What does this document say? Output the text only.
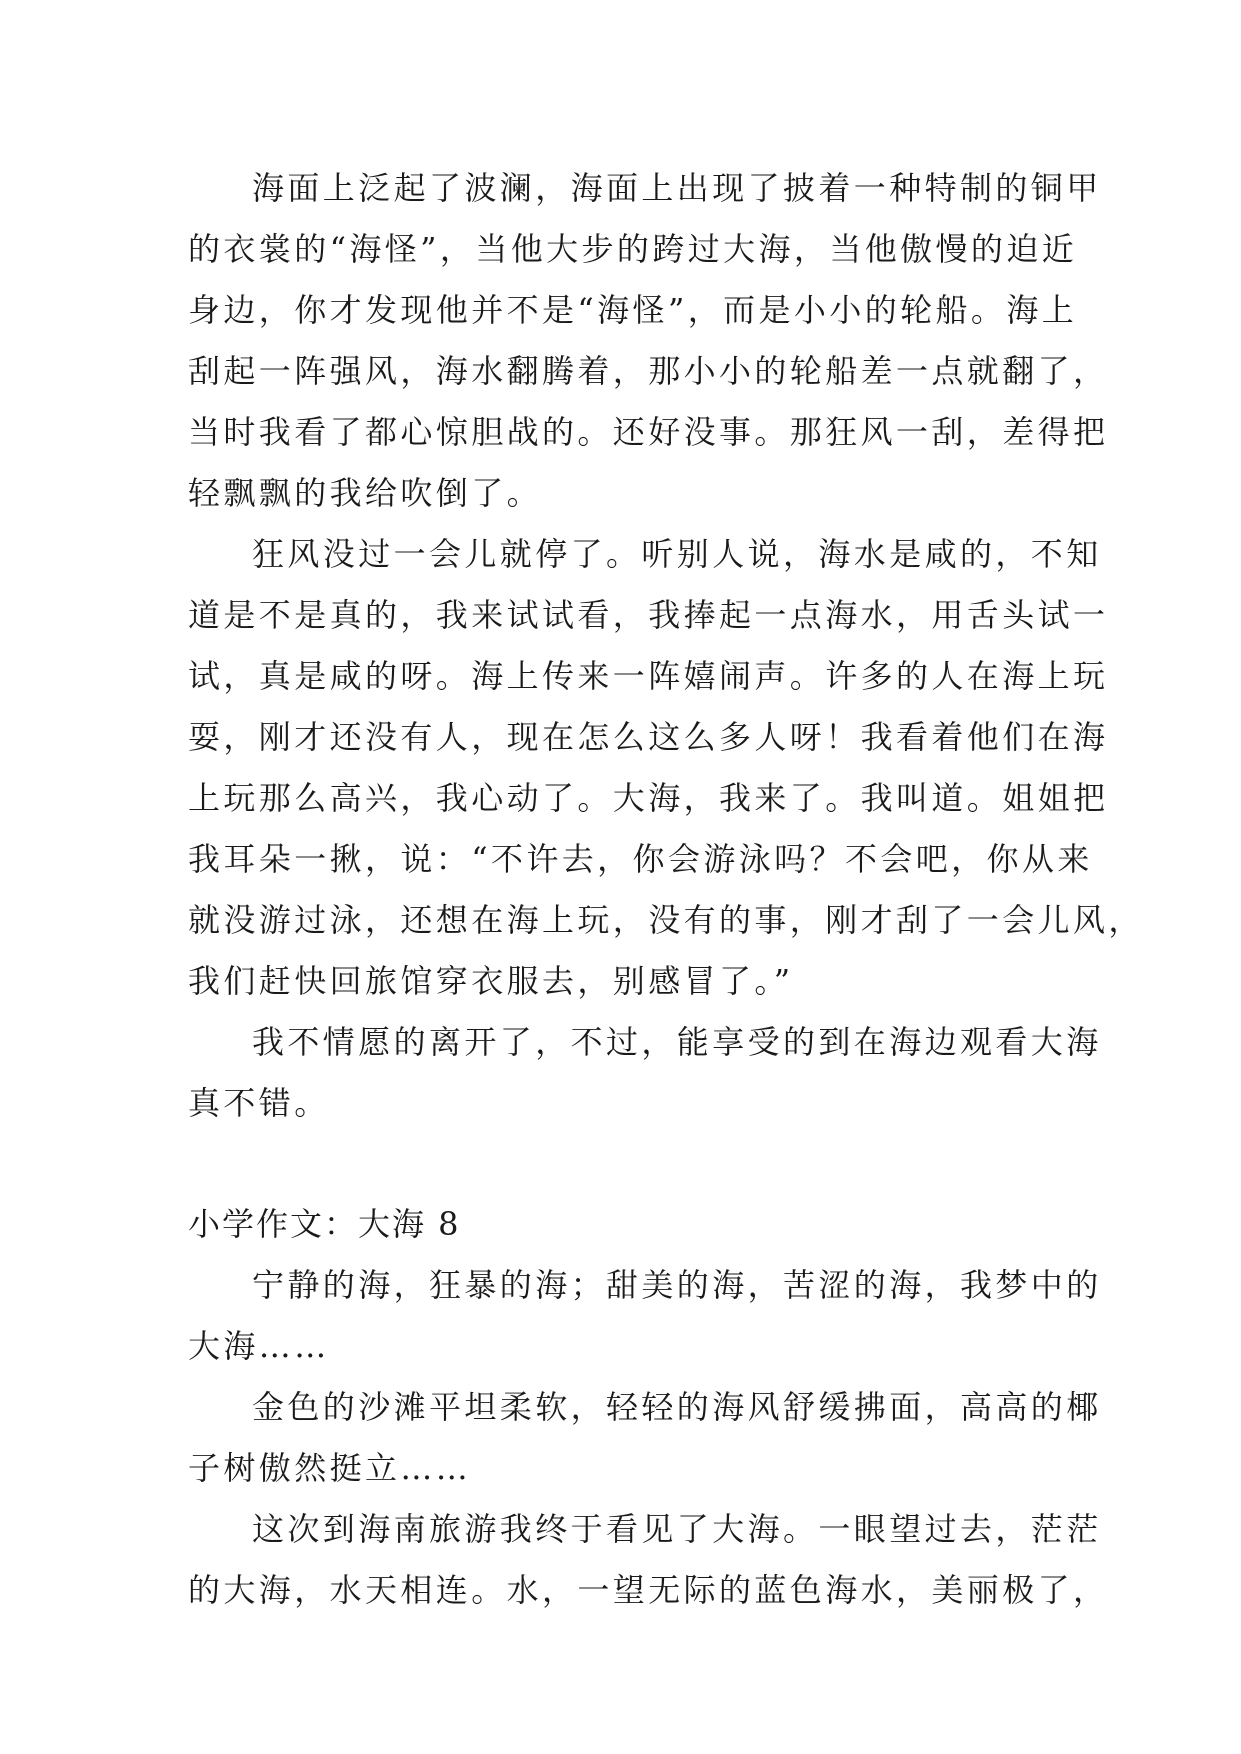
海面上泛起了波澜，海面上出现了披着一种特制的铜甲
的衣裳的“海怪”，当他大步的跨过大海，当他傲慢的迫近
身边，你才发现他并不是“海怪”，而是小小的轮船。海上
刮起一阵强风，海水翻腾着，那小小的轮船差一点就翻了，
当时我看了都心惊胆战的。还好没事。那狂风一刮，差得把
轻飘飘的我给吹倒了。
狂风没过一会儿就停了。听别人说，海水是咸的，不知
道是不是真的，我来试试看，我捧起一点海水，用舌头试一
试，真是咸的呀。海上传来一阵嬉闹声。许多的人在海上玩
耍，刚才还没有人，现在怎么这么多人呀！我看着他们在海
上玩那么高兴，我心动了。大海，我来了。我叫道。姐姐把
我耳朵一揪，说：“不许去，你会游泳吗？不会吧，你从来
就没游过泳，还想在海上玩，没有的事，刚才刮了一会儿风，
我们赶快回旅馆穿衣服去，别感冒了。”
我不情愿的离开了，不过，能享受的到在海边观看大海
真不错。
小学作文：大海 8
宁静的海，狂暴的海；甜美的海，苦涩的海，我梦中的
大海……
金色的沙滩平坦柔软，轻轻的海风舒缓拂面，高高的椰
子树傲然挺立……
这次到海南旅游我终于看见了大海。一眼望过去，茫茫
的大海，水天相连。水，一望无际的蓝色海水，美丽极了，
